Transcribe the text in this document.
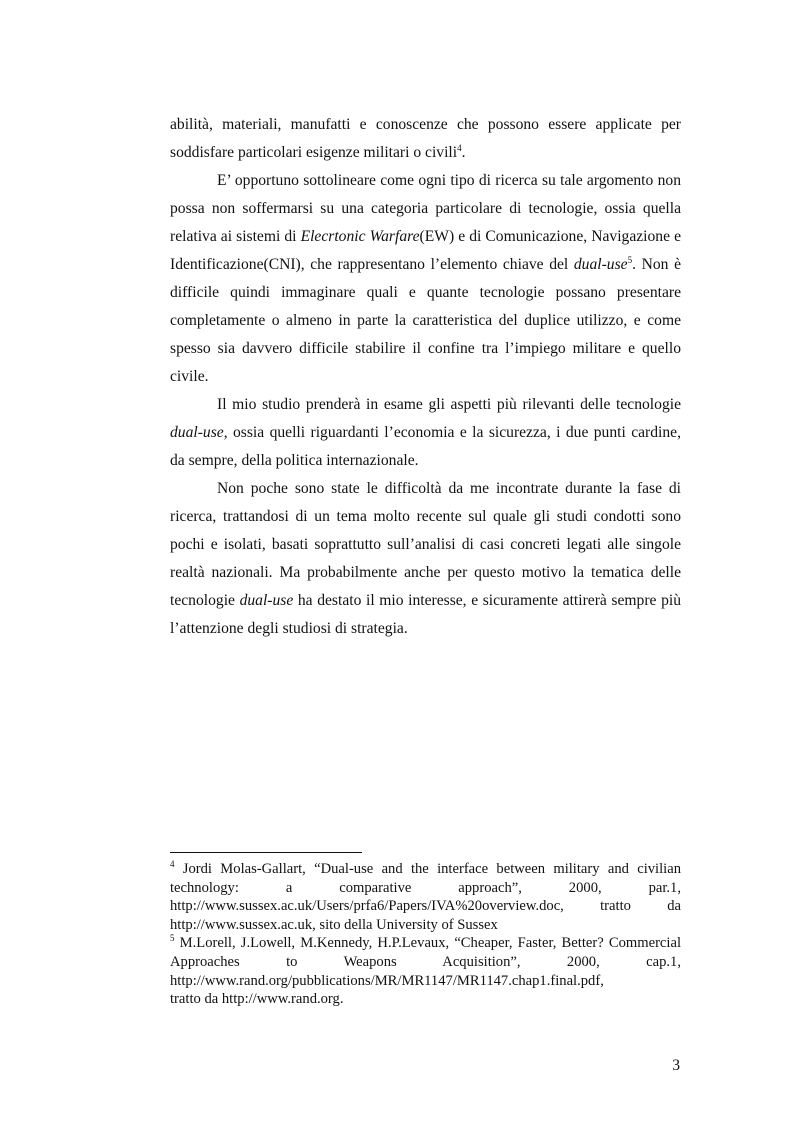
abilità, materiali, manufatti e conoscenze che possono essere applicate per soddisfare particolari esigenze militari o civili$^4$.

E’ opportuno sottolineare come ogni tipo di ricerca su tale argomento non possa non soffermarsi su una categoria particolare di tecnologie, ossia quella relativa ai sistemi di Elecrtonic Warfare(EW) e di Comunicazione, Navigazione e Identificazione(CNI), che rappresentano l’elemento chiave del dual-use$^5$. Non è difficile quindi immaginare quali e quante tecnologie possano presentare completamente o almeno in parte la caratteristica del duplice utilizzo, e come spesso sia davvero difficile stabilire il confine tra l’impiego militare e quello civile.

Il mio studio prenderà in esame gli aspetti più rilevanti delle tecnologie dual-use, ossia quelli riguardanti l’economia e la sicurezza, i due punti cardine, da sempre, della politica internazionale.

Non poche sono state le difficoltà da me incontrate durante la fase di ricerca, trattandosi di un tema molto recente sul quale gli studi condotti sono pochi e isolati, basati soprattutto sull’analisi di casi concreti legati alle singole realtà nazionali. Ma probabilmente anche per questo motivo la tematica delle tecnologie dual-use ha destato il mio interesse, e sicuramente attirerà sempre più l’attenzione degli studiosi di strategia.

$^4$ Jordi Molas-Gallart, “Dual-use and the interface between military and civilian technology: a comparative approach”, 2000, par.1, http://www.sussex.ac.uk/Users/prfa6/Papers/IVA%20overview.doc, tratto da http://www.sussex.ac.uk, sito della University of Sussex

$^5$ M.Lorell, J.Lowell, M.Kennedy, H.P.Levaux, “Cheaper, Faster, Better? Commercial Approaches to Weapons Acquisition”, 2000, cap.1, http://www.rand.org/pubblications/MR/MR1147/MR1147.chap1.final.pdf,

tratto da http://www.rand.org.

3
